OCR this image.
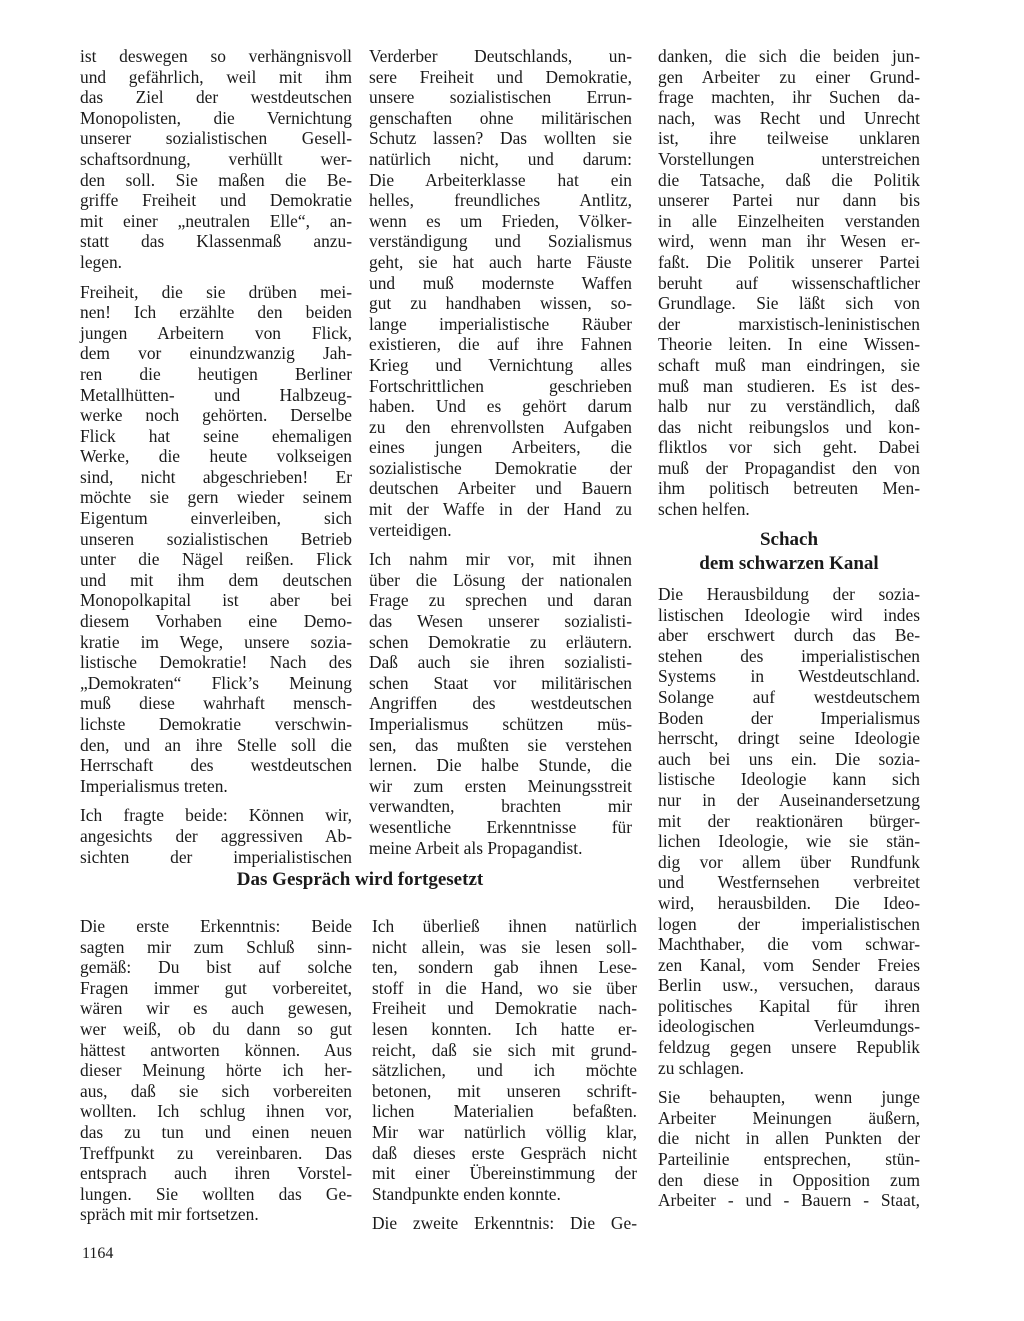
ist deswegen so verhängnisvoll
und gefährlich, weil mit ihm
das Ziel der westdeutschen
Monopolisten, die Vernichtung
unserer sozialistischen Gesell-
schaftsordnung, verhüllt wer-
den soll. Sie maßen die Be-
griffe Freiheit und Demokratie
mit einer „neutralen Elle“, an-
statt das Klassenmaß anzu-
legen.

Freiheit, die sie drüben mei-
nen! Ich erzählte den beiden
jungen Arbeitern von Flick,
dem vor einundzwanzig Jah-
ren die heutigen Berliner
Metallhütten- und Halbzeug-
werke noch gehörten. Derselbe
Flick hat seine ehemaligen
Werke, die heute volkseigen
sind, nicht abgeschrieben! Er
möchte sie gern wieder seinem
Eigentum einverleiben, sich
unseren sozialistischen Betrieb
unter die Nägel reißen. Flick
und mit ihm dem deutschen
Monopolkapital ist aber bei
diesem Vorhaben eine Demo-
kratie im Wege, unsere sozia-
listische Demokratie! Nach des
„Demokraten“ Flick’s Meinung
muß diese wahrhaft mensch-
lichste Demokratie verschwin-
den, und an ihre Stelle soll die
Herrschaft des westdeutschen
Imperialismus treten.

Ich fragte beide: Können wir,
angesichts der aggressiven Ab-
sichten der imperialistischen

Verderber Deutschlands, un-
sere Freiheit und Demokratie,
unsere sozialistischen Errun-
genschaften ohne militärischen
Schutz lassen? Das wollten sie
natürlich nicht, und darum:
Die Arbeiterklasse hat ein
helles, freundliches Antlitz,
wenn es um Frieden, Völker-
verständigung und Sozialismus
geht, sie hat auch harte Fäuste
und muß modernste Waffen
gut zu handhaben wissen, so-
lange imperialistische Räuber
existieren, die auf ihre Fahnen
Krieg und Vernichtung alles
Fortschrittlichen geschrieben
haben. Und es gehört darum
zu den ehrenvollsten Aufgaben
eines jungen Arbeiters, die
sozialistische Demokratie der
deutschen Arbeiter und Bauern
mit der Waffe in der Hand zu
verteidigen.

Ich nahm mir vor, mit ihnen
über die Lösung der nationalen
Frage zu sprechen und daran
das Wesen unserer sozialisti-
schen Demokratie zu erläutern.
Daß auch sie ihren sozialisti-
schen Staat vor militärischen
Angriffen des westdeutschen
Imperialismus schützen müs-
sen, das mußten sie verstehen
lernen. Die halbe Stunde, die
wir zum ersten Meinungsstreit
verwandten, brachten mir
wesentliche Erkenntnisse für
meine Arbeit als Propagandist.

danken, die sich die beiden jun-
gen Arbeiter zu einer Grund-
frage machten, ihr Suchen da-
nach, was Recht und Unrecht
ist, ihre teilweise unklaren
Vorstellungen unterstreichen
die Tatsache, daß die Politik
unserer Partei nur dann bis
in alle Einzelheiten verstanden
wird, wenn man ihr Wesen er-
faßt. Die Politik unserer Partei
beruht auf wissenschaftlicher
Grundlage. Sie läßt sich von
der marxistisch-leninistischen
Theorie leiten. In eine Wissen-
schaft muß man eindringen, sie
muß man studieren. Es ist des-
halb nur zu verständlich, daß
das nicht reibungslos und kon-
fliktlos vor sich geht. Dabei
muß der Propagandist den von
ihm politisch betreuten Men-
schen helfen.

Schach
dem schwarzen Kanal

Die Herausbildung der sozia-
listischen Ideologie wird indes
aber erschwert durch das Be-
stehen des imperialistischen
Systems in Westdeutschland.
Solange auf westdeutschem
Boden der Imperialismus
herrscht, dringt seine Ideologie
auch bei uns ein. Die sozia-
listische Ideologie kann sich
nur in der Auseinandersetzung
mit der reaktionären bürger-
lichen Ideologie, wie sie stän-
dig vor allem über Rundfunk
und Westfernsehen verbreitet
wird, herausbilden. Die Ideo-
logen der imperialistischen
Machthaber, die vom schwar-
zen Kanal, vom Sender Freies
Berlin usw., versuchen, daraus
politisches Kapital für ihren
ideologischen Verleumdungs-
feldzug gegen unsere Republik
zu schlagen.

Sie behaupten, wenn junge
Arbeiter Meinungen äußern,
die nicht in allen Punkten der
Parteilinie entsprechen, stün-
den diese in Opposition zum
Arbeiter - und - Bauern - Staat,

Das Gespräch wird fortgesetzt

Die erste Erkenntnis: Beide
sagten mir zum Schluß sinn-
gemäß: Du bist auf solche
Fragen immer gut vorbereitet,
wären wir es auch gewesen,
wer weiß, ob du dann so gut
hättest antworten können. Aus
dieser Meinung hörte ich her-
aus, daß sie sich vorbereiten
wollten. Ich schlug ihnen vor,
das zu tun und einen neuen
Treffpunkt zu vereinbaren. Das
entsprach auch ihren Vorstel-
lungen. Sie wollten das Ge-
spräch mit mir fortsetzen.

Ich überließ ihnen natürlich
nicht allein, was sie lesen soll-
ten, sondern gab ihnen Lese-
stoff in die Hand, wo sie über
Freiheit und Demokratie nach-
lesen konnten. Ich hatte er-
reicht, daß sie sich mit grund-
sätzlichen, und ich möchte
betonen, mit unseren schrift-
lichen Materialien befaßten.
Mir war natürlich völlig klar,
daß dieses erste Gespräch nicht
mit einer Übereinstimmung der
Standpunkte enden konnte.

Die zweite Erkenntnis: Die Ge-

1164
